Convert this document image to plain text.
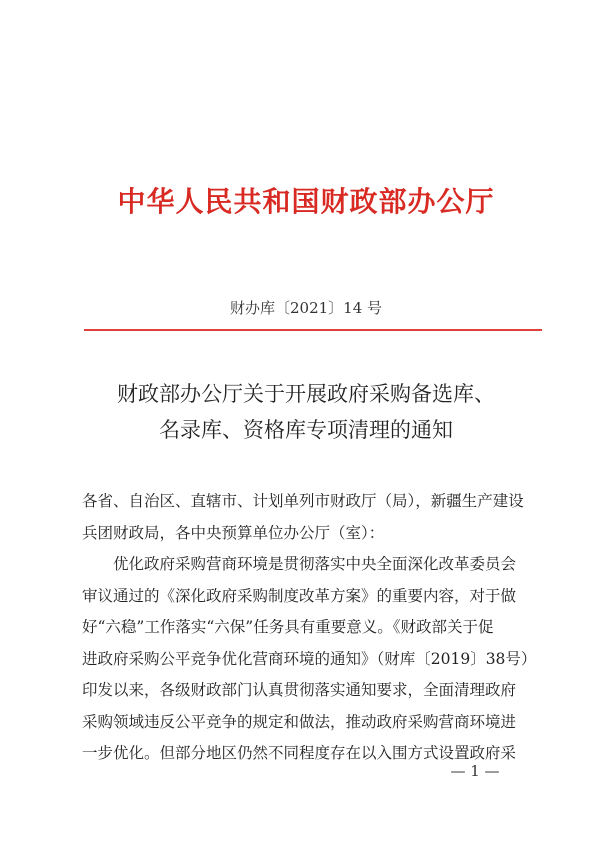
中华人民共和国财政部办公厅
财办库〔2021〕14 号
财政部办公厅关于开展政府采购备选库、
名录库、资格库专项清理的通知

各省、自治区、直辖市、计划单列市财政厅（局），新疆生产建设
兵团财政局，各中央预算单位办公厅（室）：

优化政府采购营商环境是贯彻落实中央全面深化改革委员会
审议通过的《深化政府采购制度改革方案》的重要内容，对于做
好“六稳”工作落实“六保”任务具有重要意义。《财政部关于促
进政府采购公平竞争优化营商环境的通知》（财库〔2019〕38号）
印发以来，各级财政部门认真贯彻落实通知要求，全面清理政府
采购领域违反公平竞争的规定和做法，推动政府采购营商环境进
一步优化。但部分地区仍然不同程度存在以入围方式设置政府采

— 1 —
